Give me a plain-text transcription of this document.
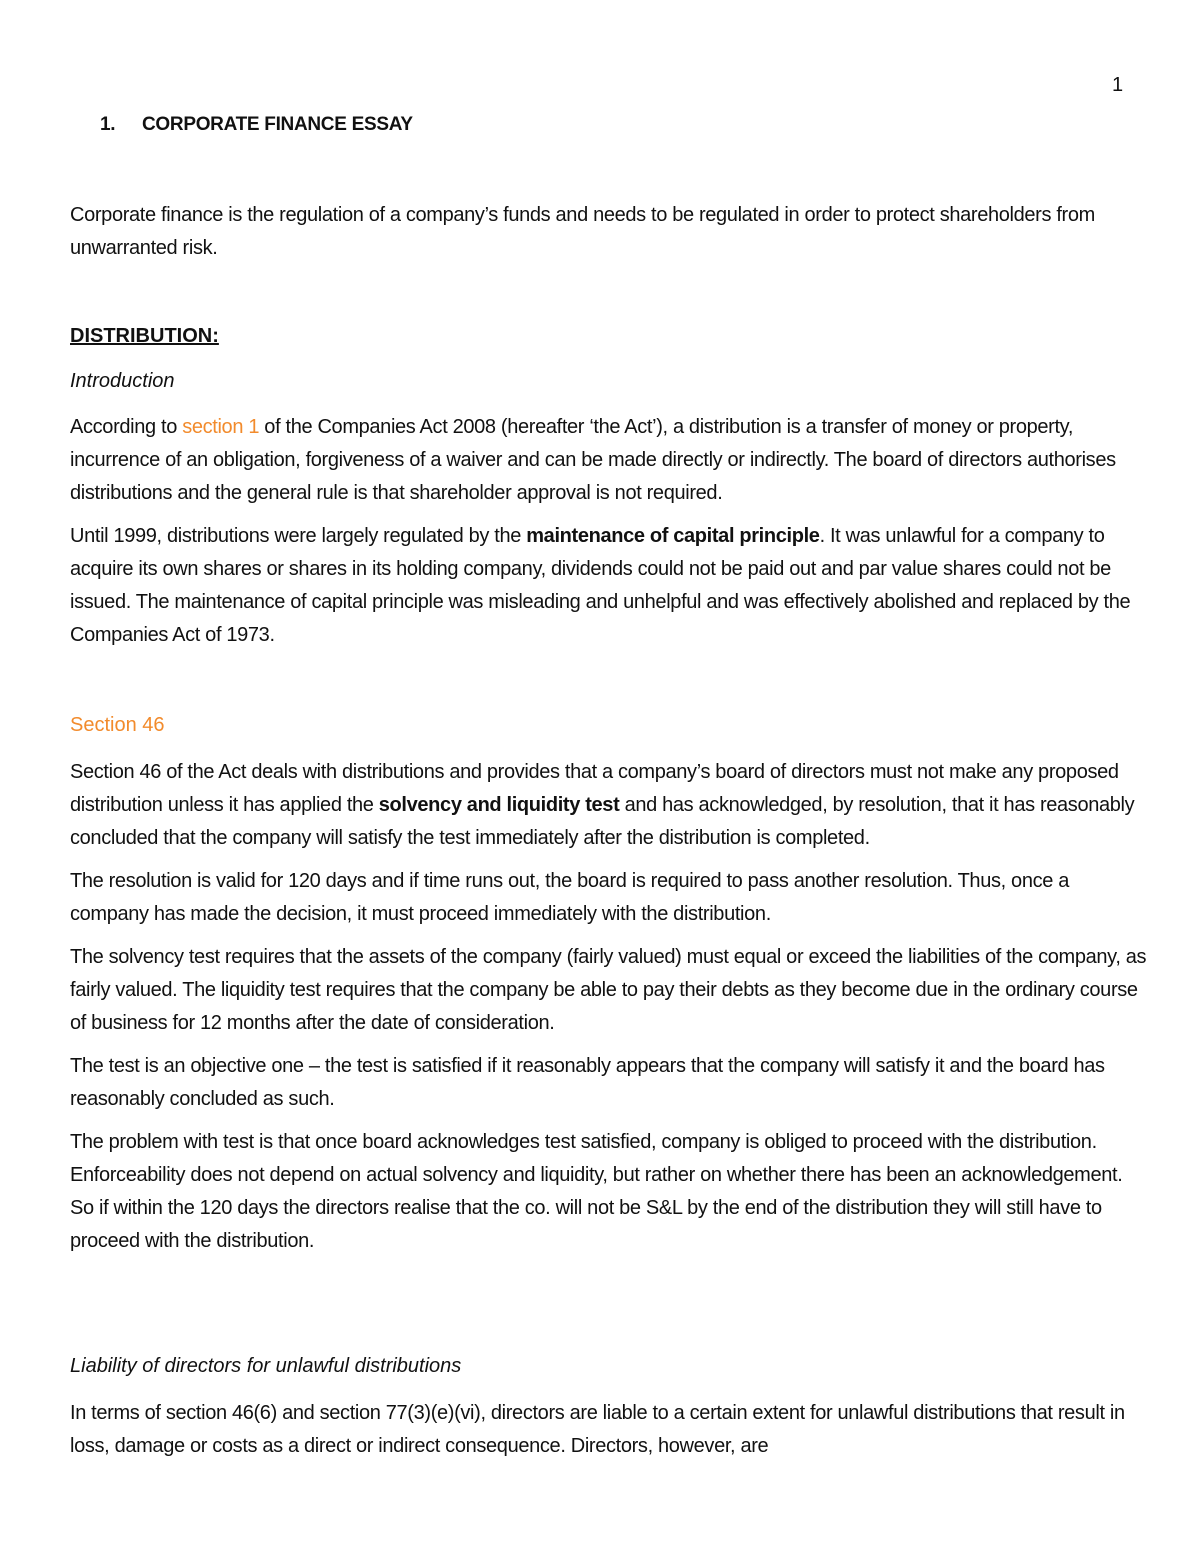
1
1. CORPORATE FINANCE ESSAY

Corporate finance is the regulation of a company’s funds and needs to be regulated in order to protect shareholders from unwarranted risk.

DISTRIBUTION:
Introduction

According to section 1 of the Companies Act 2008 (hereafter ‘the Act’), a distribution is a transfer of money or property, incurrence of an obligation, forgiveness of a waiver and can be made directly or indirectly. The board of directors authorises distributions and the general rule is that shareholder approval is not required.

Until 1999, distributions were largely regulated by the maintenance of capital principle. It was unlawful for a company to acquire its own shares or shares in its holding company, dividends could not be paid out and par value shares could not be issued. The maintenance of capital principle was misleading and unhelpful and was effectively abolished and replaced by the Companies Act of 1973.

Section 46

Section 46 of the Act deals with distributions and provides that a company’s board of directors must not make any proposed distribution unless it has applied the solvency and liquidity test and has acknowledged, by resolution, that it has reasonably concluded that the company will satisfy the test immediately after the distribution is completed.

The resolution is valid for 120 days and if time runs out, the board is required to pass another resolution. Thus, once a company has made the decision, it must proceed immediately with the distribution.

The solvency test requires that the assets of the company (fairly valued) must equal or exceed the liabilities of the company, as fairly valued. The liquidity test requires that the company be able to pay their debts as they become due in the ordinary course of business for 12 months after the date of consideration.

The test is an objective one – the test is satisfied if it reasonably appears that the company will satisfy it and the board has reasonably concluded as such.

The problem with test is that once board acknowledges test satisfied, company is obliged to proceed with the distribution. Enforceability does not depend on actual solvency and liquidity, but rather on whether there has been an acknowledgement. So if within the 120 days the directors realise that the co. will not be S&L by the end of the distribution they will still have to proceed with the distribution.

Liability of directors for unlawful distributions

In terms of section 46(6) and section 77(3)(e)(vi), directors are liable to a certain extent for unlawful distributions that result in loss, damage or costs as a direct or indirect consequence. Directors, however, are
